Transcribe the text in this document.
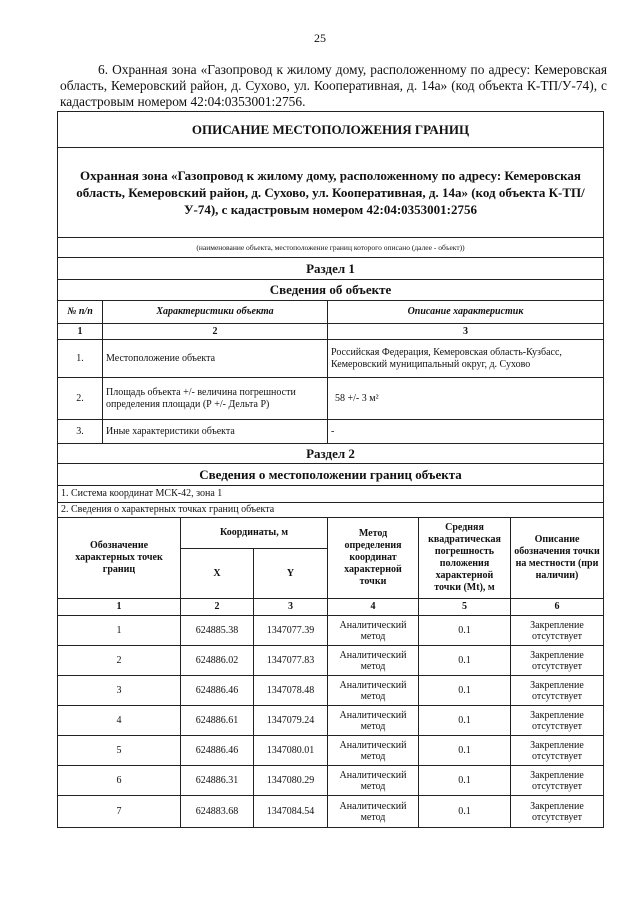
25
6. Охранная зона «Газопровод к жилому дому, расположенному по адресу: Кемеровская область, Кемеровский район, д. Сухово, ул. Кооперативная, д. 14а» (код объекта К-ТП/У-74), с кадастровым номером 42:04:0353001:2756.
ОПИСАНИЕ МЕСТОПОЛОЖЕНИЯ ГРАНИЦ						
Охранная зона «Газопровод к жилому дому, расположенному по адресу: Кемеровская область, Кемеровский район, д. Сухово, ул. Кооперативная, д. 14а» (код объекта К-ТП/У-74), с кадастровым номером 42:04:0353001:2756						
(наименование объекта, местоположение границ которого описано (далее - объект))						
Раздел 1						
Сведения об объекте						
№ п/п	Характеристики объекта			Описание характеристик		
1	2			3		
1.	Местоположение объекта			Российская Федерация, Кемеровская область-Кузбасс, Кемеровский муниципальный округ, д. Сухово		
2.	Площадь объекта +/- величина погрешности определения площади (Р +/- Дельта Р)			58 +/- 3 м²		
3.	Иные характеристики объекта			-		
Раздел 2						
Сведения о местоположении границ объекта						
1. Система координат МСК-42, зона 1						
2. Сведения о характерных точках границ объекта						
Обозначение характерных точек границ		Координаты, м		Метод определения координат характерной точки	Средняя квадратическая погрешность положения характерной точки (Mt), м	Описание обозначения точки на местности (при наличии)
		X	Y			
1		2	3	4	5	6
1		624885.38	1347077.39	Аналитический метод	0.1	Закрепление отсутствует
2		624886.02	1347077.83	Аналитический метод	0.1	Закрепление отсутствует
3		624886.46	1347078.48	Аналитический метод	0.1	Закрепление отсутствует
4		624886.61	1347079.24	Аналитический метод	0.1	Закрепление отсутствует
5		624886.46	1347080.01	Аналитический метод	0.1	Закрепление отсутствует
6		624886.31	1347080.29	Аналитический метод	0.1	Закрепление отсутствует
7		624883.68	1347084.54	Аналитический метод	0.1	Закрепление отсутствует
